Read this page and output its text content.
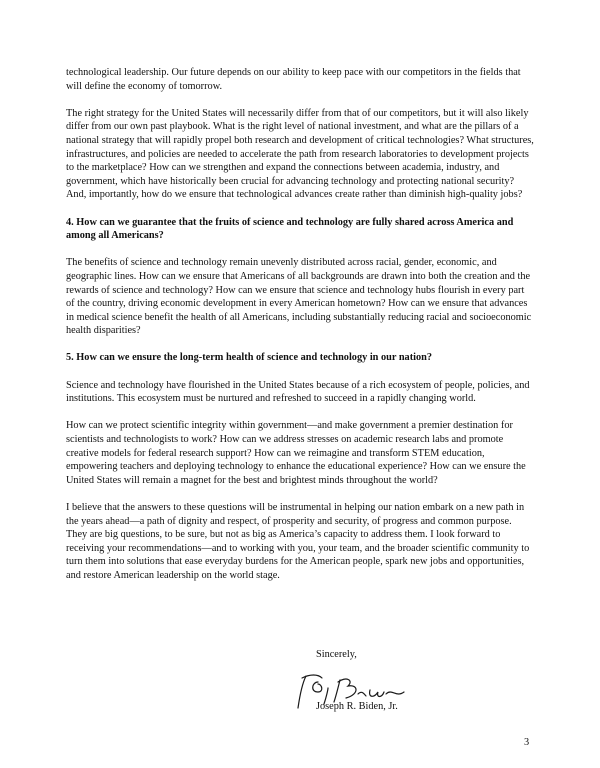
technological leadership. Our future depends on our ability to keep pace with our competitors in the fields that will define the economy of tomorrow.

The right strategy for the United States will necessarily differ from that of our competitors, but it will also likely differ from our own past playbook. What is the right level of national investment, and what are the pillars of a national strategy that will rapidly propel both research and development of critical technologies? What structures, infrastructures, and policies are needed to accelerate the path from research laboratories to development projects to the marketplace? How can we strengthen and expand the connections between academia, industry, and government, which have historically been crucial for advancing technology and protecting national security? And, importantly, how do we ensure that technological advances create rather than diminish high-quality jobs?

4. How can we guarantee that the fruits of science and technology are fully shared across America and among all Americans?

The benefits of science and technology remain unevenly distributed across racial, gender, economic, and geographic lines. How can we ensure that Americans of all backgrounds are drawn into both the creation and the rewards of science and technology? How can we ensure that science and technology hubs flourish in every part of the country, driving economic development in every American hometown? How can we ensure that advances in medical science benefit the health of all Americans, including substantially reducing racial and socioeconomic health disparities?

5. How can we ensure the long-term health of science and technology in our nation?

Science and technology have flourished in the United States because of a rich ecosystem of people, policies, and institutions. This ecosystem must be nurtured and refreshed to succeed in a rapidly changing world.

How can we protect scientific integrity within government—and make government a premier destination for scientists and technologists to work? How can we address stresses on academic research labs and promote creative models for federal research support? How can we reimagine and transform STEM education, empowering teachers and deploying technology to enhance the educational experience? How can we ensure the United States will remain a magnet for the best and brightest minds throughout the world?

I believe that the answers to these questions will be instrumental in helping our nation embark on a new path in the years ahead—a path of dignity and respect, of prosperity and security, of progress and common purpose. They are big questions, to be sure, but not as big as America’s capacity to address them. I look forward to receiving your recommendations—and to working with you, your team, and the broader scientific community to turn them into solutions that ease everyday burdens for the American people, spark new jobs and opportunities, and restore American leadership on the world stage.

Sincerely,
Joseph R. Biden, Jr.
3
